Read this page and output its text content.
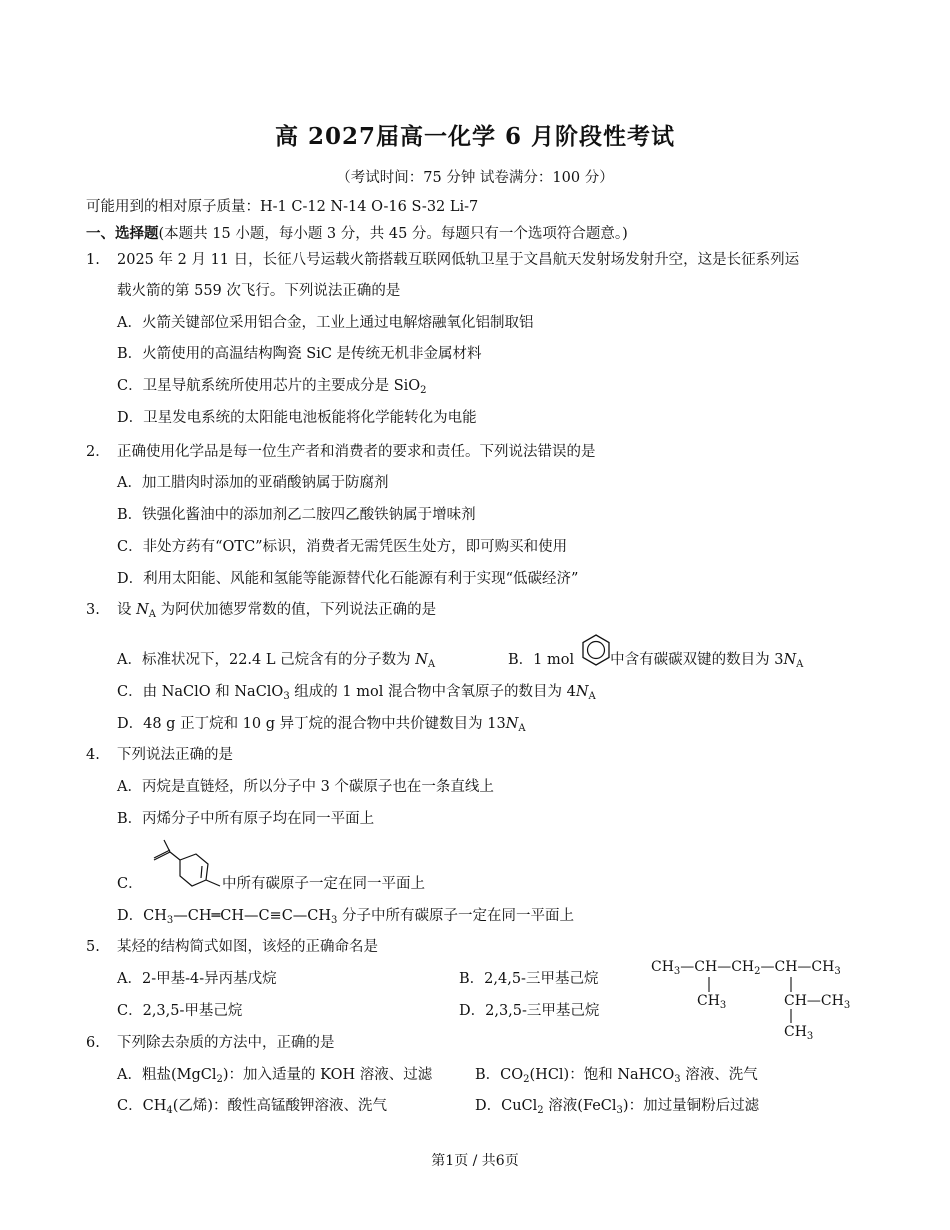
高 2027届高一化学 6 月阶段性考试
（考试时间：75 分钟 试卷满分：100 分）
可能用到的相对原子质量：H-1 C-12 N-14 O-16 S-32 Li-7
一、选择题(本题共 15 小题，每小题 3 分，共 45 分。每题只有一个选项符合题意。)
1. 2025 年 2 月 11 日，长征八号运载火箭搭载互联网低轨卫星于文昌航天发射场发射升空，这是长征系列运
载火箭的第 559 次飞行。下列说法正确的是
A．火箭关键部位采用铝合金，工业上通过电解熔融氧化铝制取铝
B．火箭使用的高温结构陶瓷 SiC 是传统无机非金属材料
C．卫星导航系统所使用芯片的主要成分是 SiO$_2$
D．卫星发电系统的太阳能电池板能将化学能转化为电能
2． 正确使用化学品是每一位生产者和消费者的要求和责任。下列说法错误的是
A．加工腊肉时添加的亚硝酸钠属于防腐剂
B．铁强化酱油中的添加剂乙二胺四乙酸铁钠属于增味剂
C．非处方药有“OTC”标识，消费者无需凭医生处方，即可购买和使用
D．利用太阳能、风能和氢能等能源替代化石能源有利于实现“低碳经济”
3. 设 $N_A$ 为阿伏加德罗常数的值，下列说法正确的是
A．标准状况下，22.4 L 己烷含有的分子数为 $N_A$	B．1 mol 中含有碳碳双键的数目为 $3N_A$
C．由 NaClO 和 NaClO$_3$ 组成的 1 mol 混合物中含氧原子的数目为 $4N_A$
D．48 g 正丁烷和 10 g 异丁烷的混合物中共价键数目为 $13N_A$
4. 下列说法正确的是
A．丙烷是直链烃，所以分子中 3 个碳原子也在一条直线上
B．丙烯分子中所有原子均在同一平面上
C．	中所有碳原子一定在同一平面上
D．$CH_3—CH═CH—C\equiv C—CH_3$ 分子中所有碳原子一定在同一平面上
5. 某烃的结构简式如图，该烃的正确命名是
A．2-甲基-4-异丙基戊烷	B．2,4,5-三甲基己烷
C．2,3,5-甲基己烷	D．2,3,5-三甲基己烷
$CH_3—CH—CH_2—CH—CH_3$
$CH_3$	$CH—CH_3$
$CH_3$
6. 下列除去杂质的方法中，正确的是
A．粗盐(MgCl$_2$)：加入适量的 KOH 溶液、过滤	B．$CO_2(HCl)$：饱和 NaHCO$_3$ 溶液、洗气
C．$CH_4$(乙烯)：酸性高锰酸钾溶液、洗气	D．CuCl$_2$ 溶液(FeCl$_3$)：加过量铜粉后过滤
第1页 / 共6页
